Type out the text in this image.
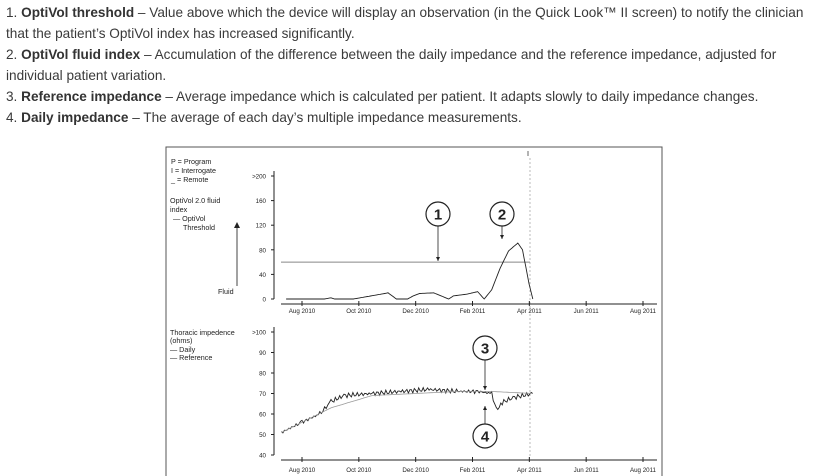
1. OptiVol threshold – Value above which the device will display an observation (in the Quick Look™ II screen) to notify the clinician that the patient’s OptiVol index has increased significantly.

2. OptiVol fluid index – Accumulation of the difference between the daily impedance and the reference impedance, adjusted for individual patient variation.

3. Reference impedance – Average impedance which is calculated per patient. It adapts slowly to daily impedance changes.

4. Daily impedance – The average of each day’s multiple impedance measurements.

P = Program
I = Interrogate
_ = Remote
OptiVol 2.0 fluid
index
— OptiVol
Threshold
Fluid
Thoracic impedence
(ohms)
— Daily
— Reference
I
0
40
80
120
160
>200
Aug 2010	Oct 2010	Dec 2010	Feb 2011	Apr 2011	Jun 2011	Aug 2011
40
50
60
70
80
90
>100
Aug 2010	Oct 2010	Dec 2010	Feb 2011	Apr 2011	Jun 2011	Aug 2011
1	2
3
4
